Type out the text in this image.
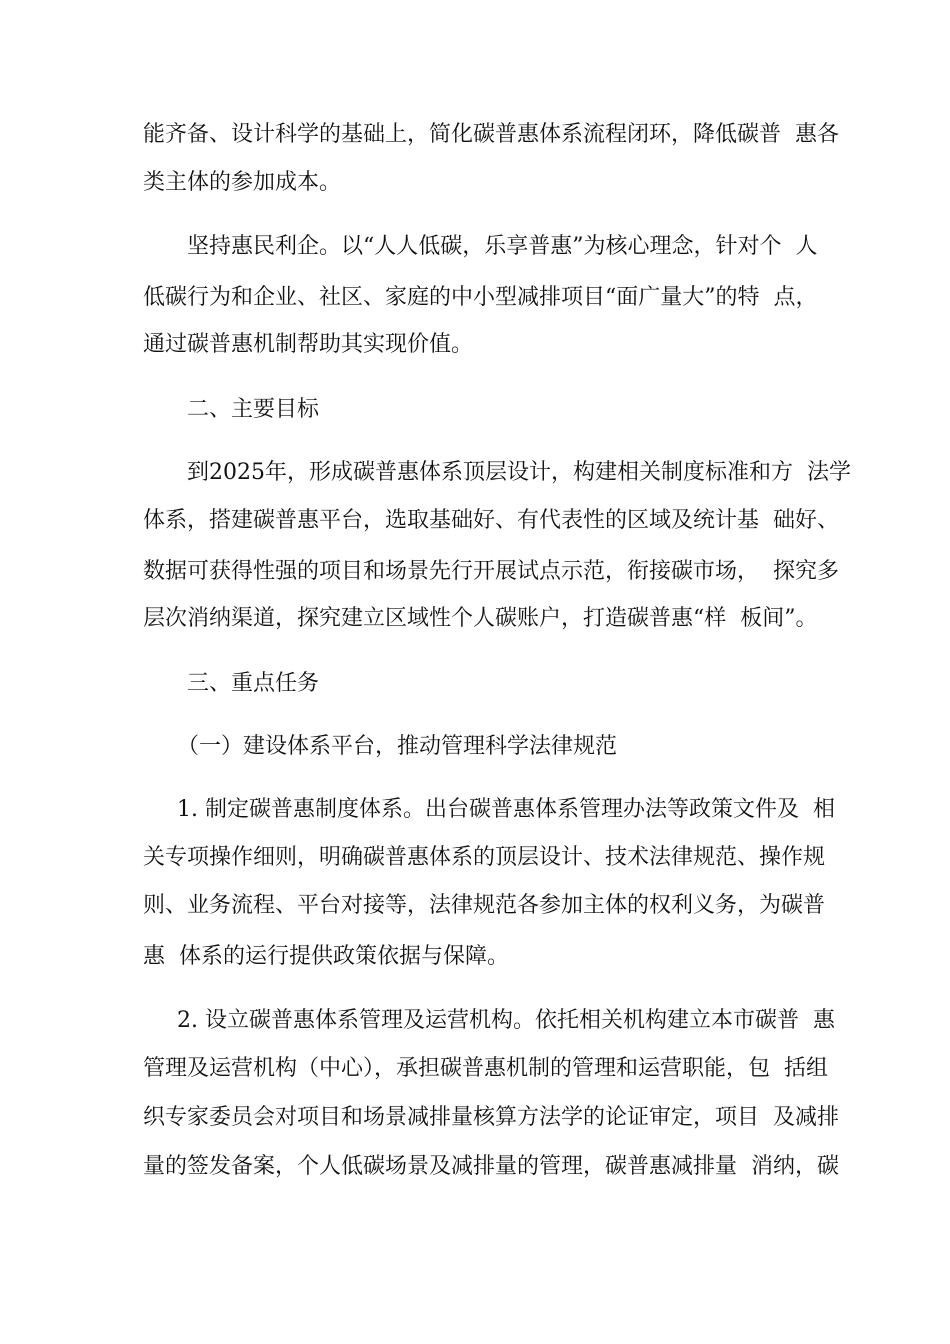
能齐备、设计科学的基础上，简化碳普惠体系流程闭环，降低碳普  惠各
类主体的参加成本。
坚持惠民利企。以“人人低碳，乐享普惠”为核心理念，针对个  人
低碳行为和企业、社区、家庭的中小型减排项目“面广量大”的特  点，
通过碳普惠机制帮助其实现价值。
二、主要目标
到2025年，形成碳普惠体系顶层设计，构建相关制度标准和方  法学
体系，搭建碳普惠平台，选取基础好、有代表性的区域及统计基  础好、
数据可获得性强的项目和场景先行开展试点示范，衔接碳市场，  探究多
层次消纳渠道，探究建立区域性个人碳账户，打造碳普惠“样  板间”。
三、重点任务
（一）建设体系平台，推动管理科学法律规范
1. 制定碳普惠制度体系。出台碳普惠体系管理办法等政策文件及  相
关专项操作细则，明确碳普惠体系的顶层设计、技术法律规范、操作规
则、业务流程、平台对接等，法律规范各参加主体的权利义务，为碳普
惠  体系的运行提供政策依据与保障。
2. 设立碳普惠体系管理及运营机构。依托相关机构建立本市碳普  惠
管理及运营机构（中心），承担碳普惠机制的管理和运营职能，包  括组
织专家委员会对项目和场景减排量核算方法学的论证审定，项目  及减排
量的签发备案，个人低碳场景及减排量的管理，碳普惠减排量  消纳，碳
